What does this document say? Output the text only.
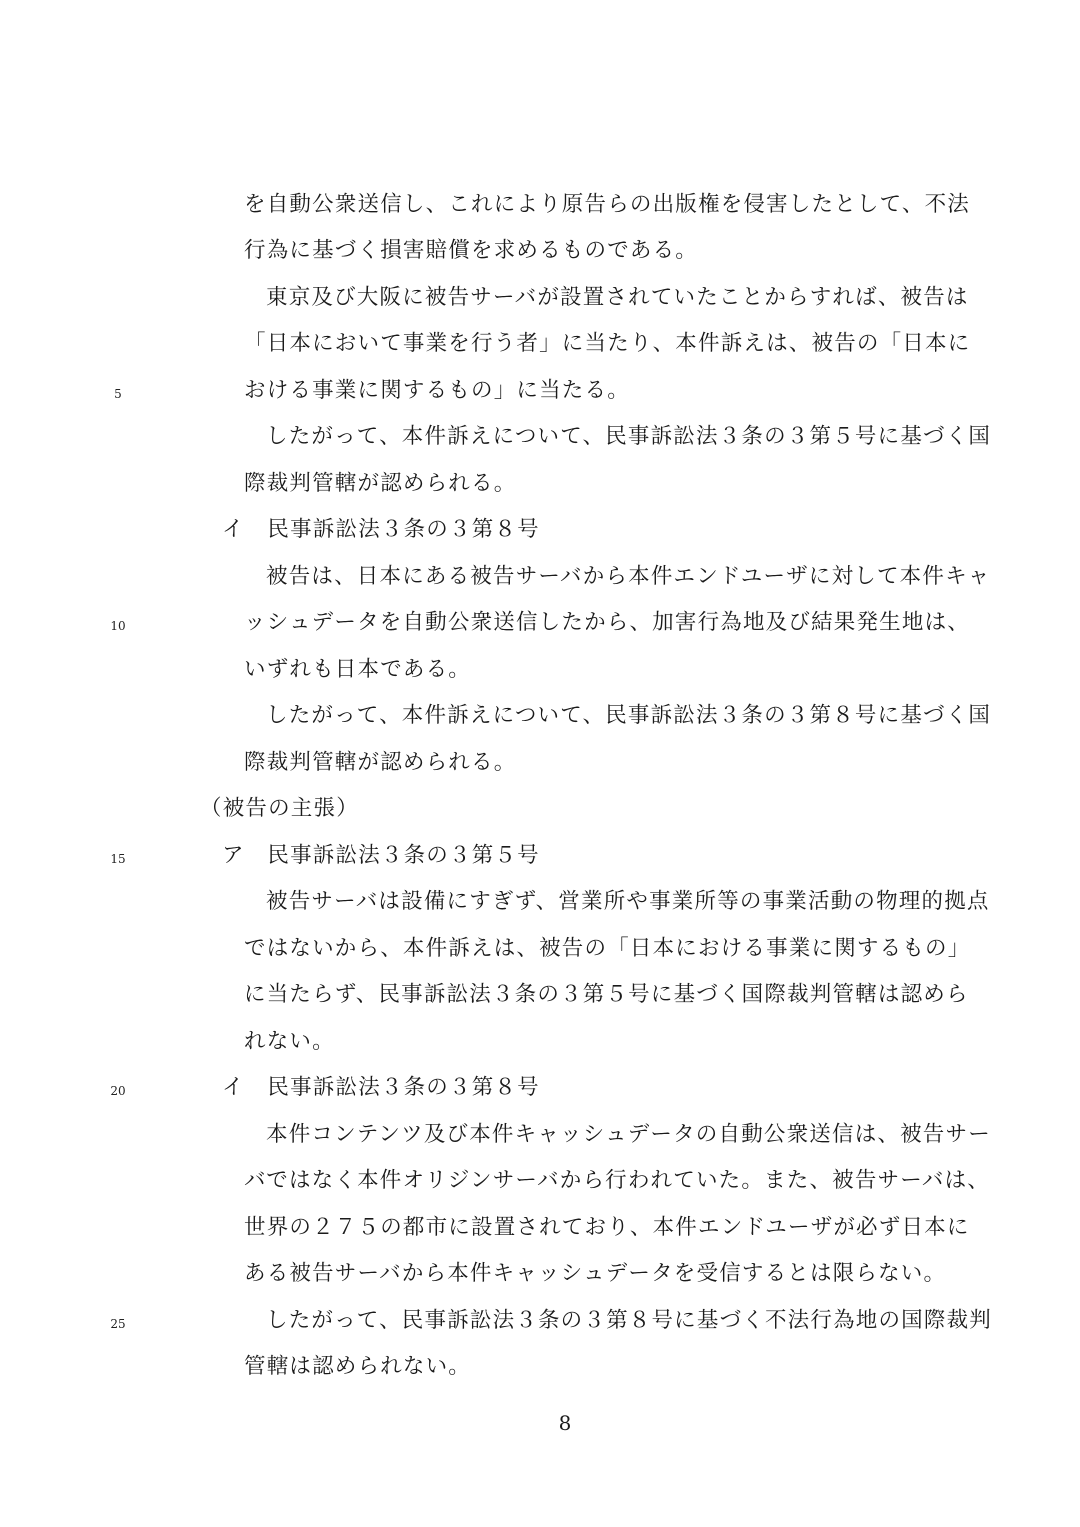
を自動公衆送信し、これにより原告らの出版権を侵害したとして、不法
行為に基づく損害賠償を求めるものである。
東京及び大阪に被告サーバが設置されていたことからすれば、被告は
「日本において事業を行う者」に当たり、本件訴えは、被告の「日本に
おける事業に関するもの」に当たる。
したがって、本件訴えについて、民事訴訟法３条の３第５号に基づく国
際裁判管轄が認められる。
イ　民事訴訟法３条の３第８号
被告は、日本にある被告サーバから本件エンドユーザに対して本件キャ
ッシュデータを自動公衆送信したから、加害行為地及び結果発生地は、
いずれも日本である。
したがって、本件訴えについて、民事訴訟法３条の３第８号に基づく国
際裁判管轄が認められる。
（被告の主張）
ア　民事訴訟法３条の３第５号
被告サーバは設備にすぎず、営業所や事業所等の事業活動の物理的拠点
ではないから、本件訴えは、被告の「日本における事業に関するもの」
に当たらず、民事訴訟法３条の３第５号に基づく国際裁判管轄は認めら
れない。
イ　民事訴訟法３条の３第８号
本件コンテンツ及び本件キャッシュデータの自動公衆送信は、被告サー
バではなく本件オリジンサーバから行われていた。また、被告サーバは、
世界の２７５の都市に設置されており、本件エンドユーザが必ず日本に
ある被告サーバから本件キャッシュデータを受信するとは限らない。
したがって、民事訴訟法３条の３第８号に基づく不法行為地の国際裁判
管轄は認められない。
5
10
15
20
25
8
